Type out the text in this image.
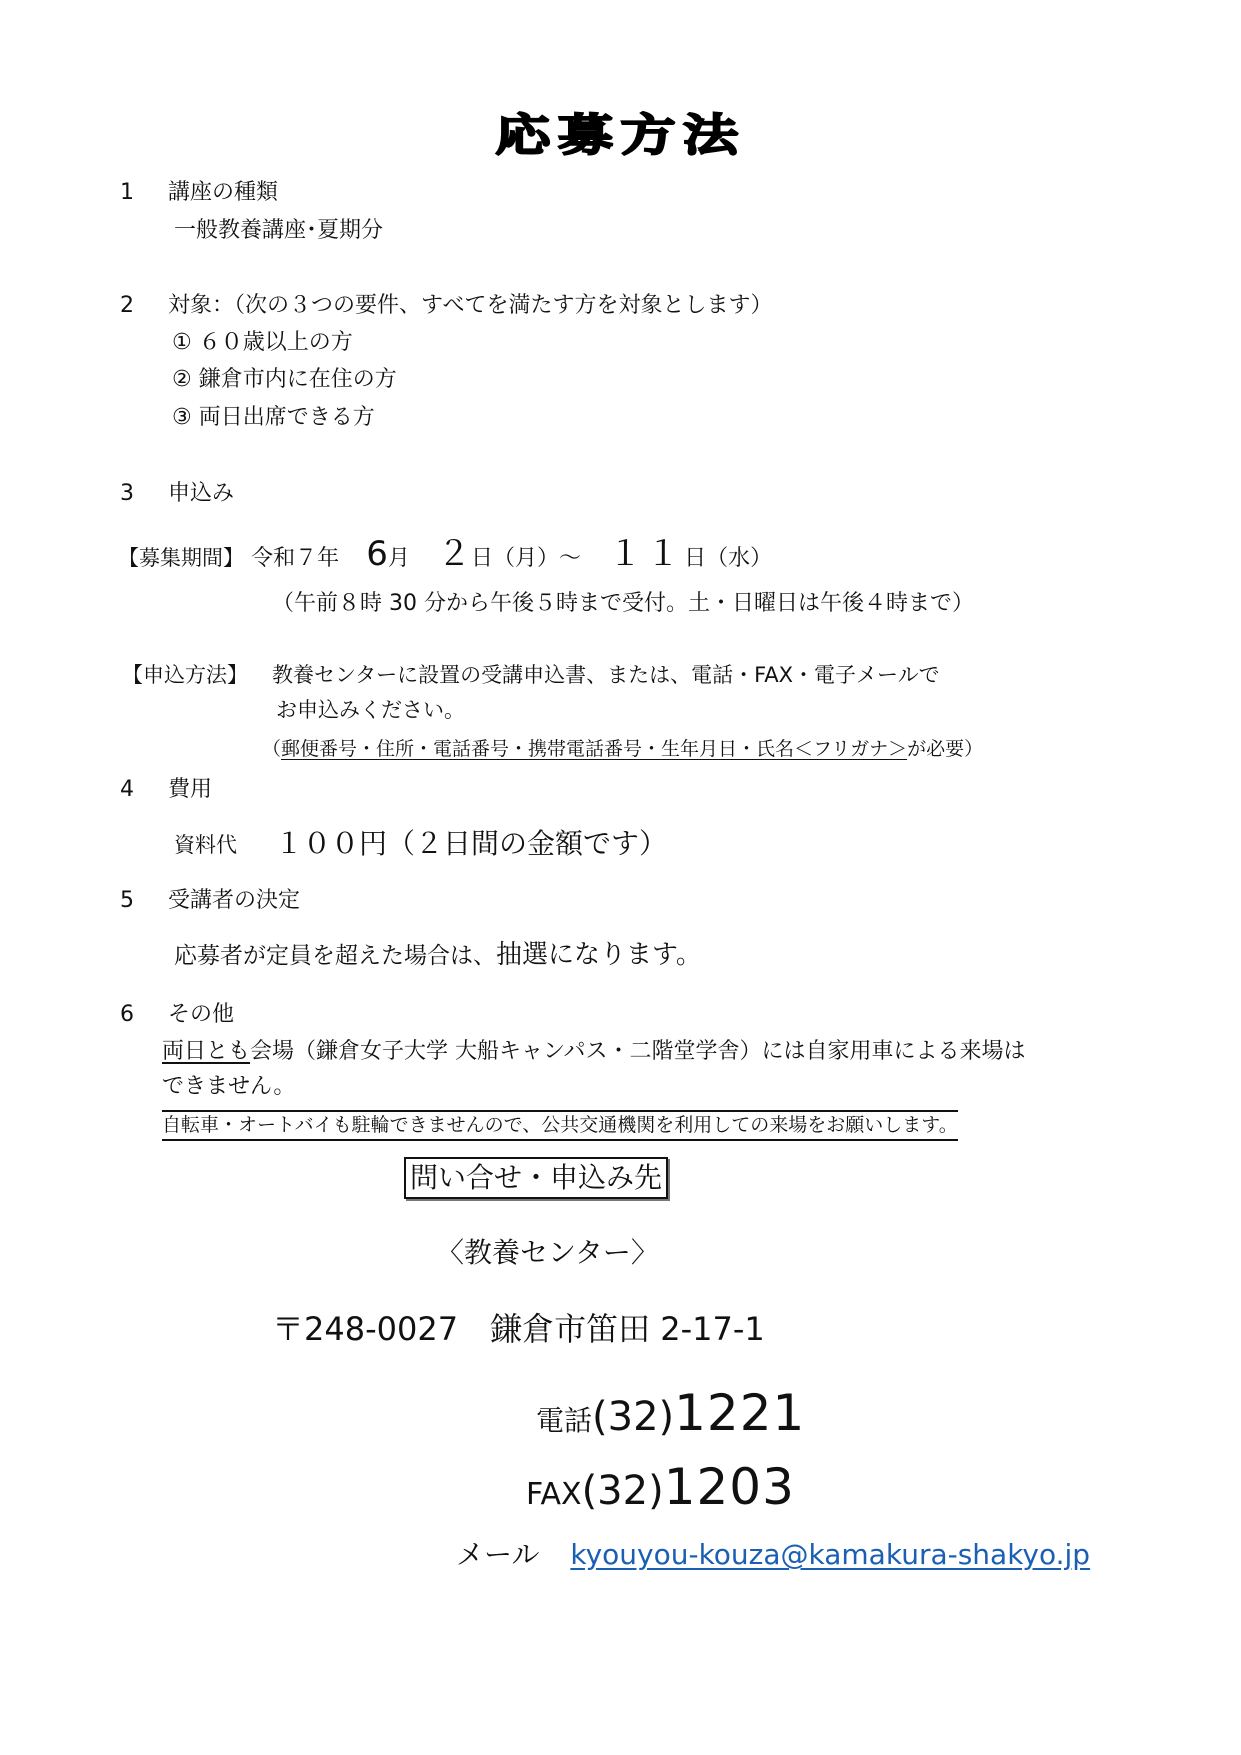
応募方法
1 講座の種類
一般教養講座･夏期分
2 対象：（次の３つの要件、すべてを満たす方を対象とします）
① ６０歳以上の方
② 鎌倉市内に在住の方
③ 両日出席できる方
3 申込み
【募集期間】 令和７年 6月 ２日（月）～ １１日（水）
（午前８時 30 分から午後５時まで受付。土・日曜日は午後４時まで）
【申込方法】 教養センターに設置の受講申込書、または、電話・FAX・電子メールで
お申込みください。
（郵便番号・住所・電話番号・携帯電話番号・生年月日・氏名＜フリガナ＞が必要）
4 費用
資料代 １００円（２日間の金額です）
5 受講者の決定
応募者が定員を超えた場合は、抽選になります。
6 その他
両日とも会場（鎌倉女子大学 大船キャンパス・二階堂学舎）には自家用車による来場は
できません。
自転車・オートバイも駐輪できませんので、公共交通機関を利用しての来場をお願いします。
問い合せ・申込み先
〈教養センター〉
〒248-0027　鎌倉市笛田 2-17-1
電話(32)1221
FAX(32)1203
メール kyouyou-kouza@kamakura-shakyo.jp
